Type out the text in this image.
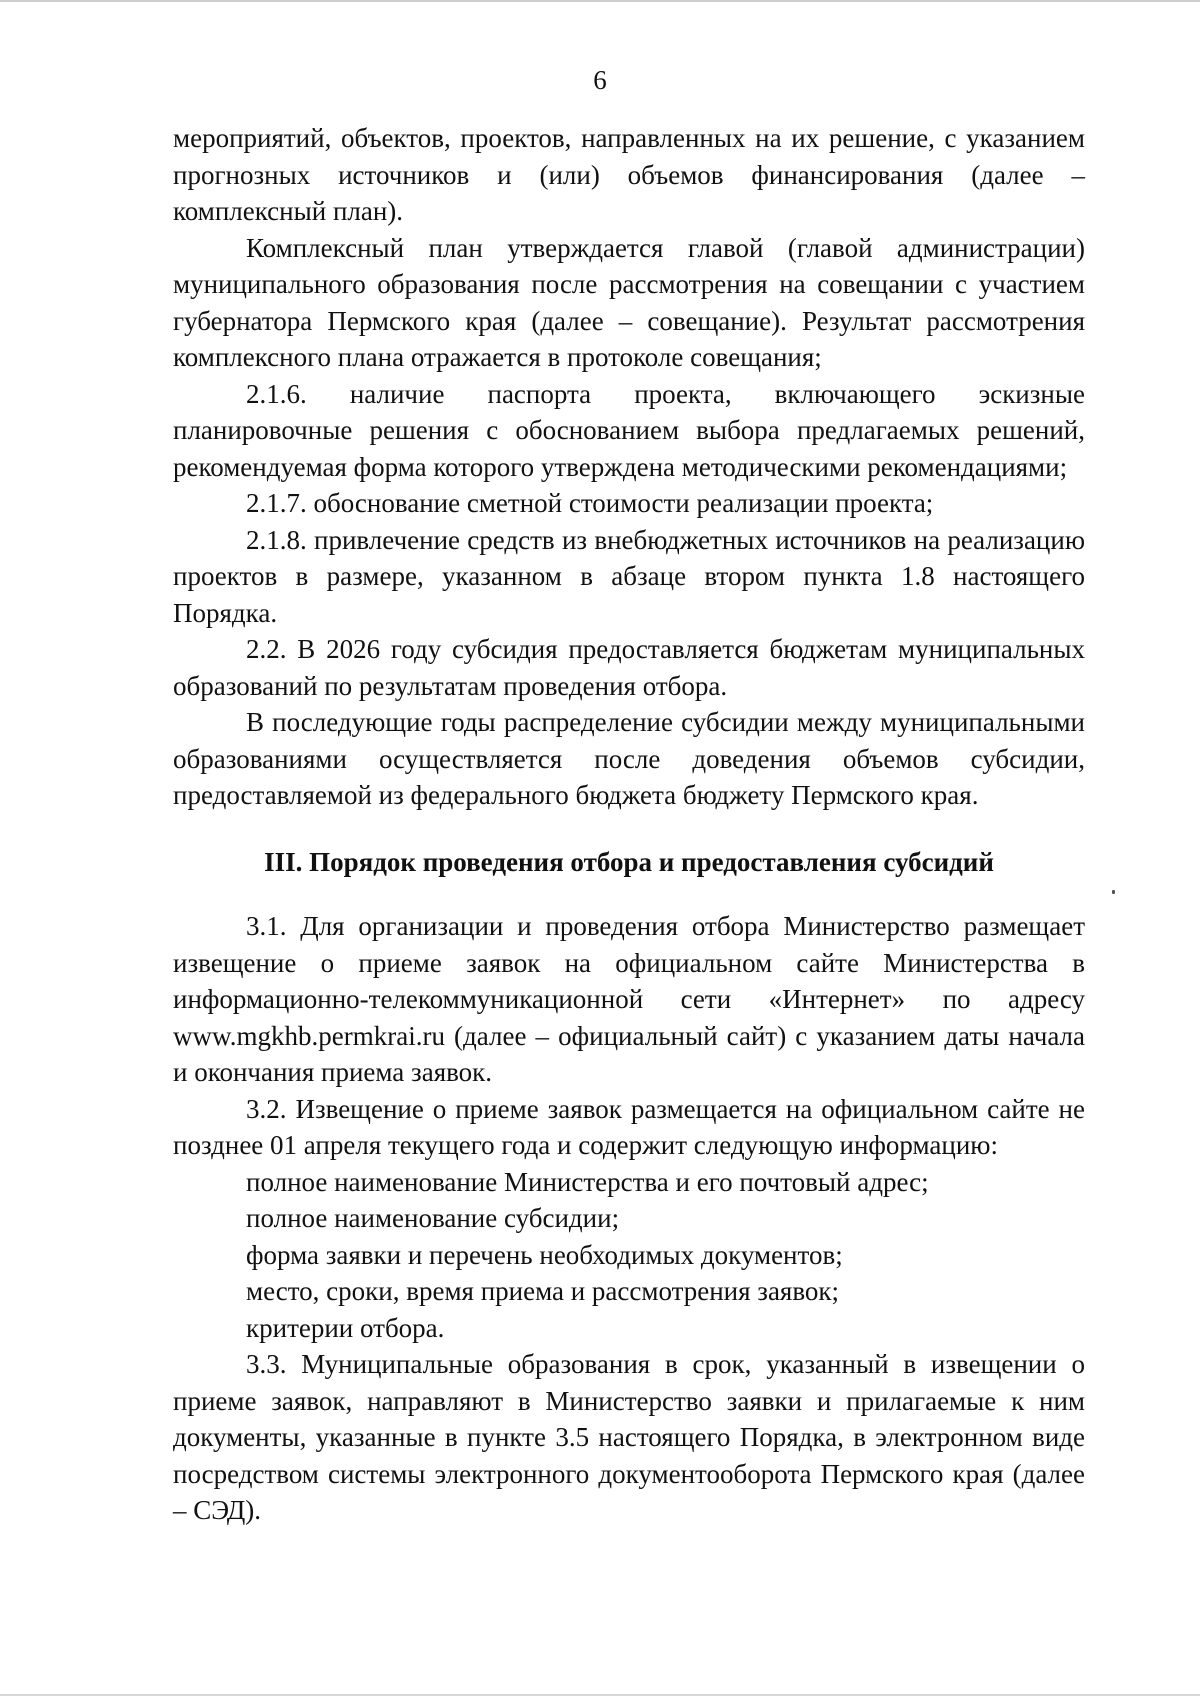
6

мероприятий, объектов, проектов, направленных на их решение, с указанием прогнозных источников и (или) объемов финансирования (далее – комплексный план).

Комплексный план утверждается главой (главой администрации) муниципального образования после рассмотрения на совещании с участием губернатора Пермского края (далее – совещание). Результат рассмотрения комплексного плана отражается в протоколе совещания;

2.1.6. наличие паспорта проекта, включающего эскизные планировочные решения с обоснованием выбора предлагаемых решений, рекомендуемая форма которого утверждена методическими рекомендациями;

2.1.7. обоснование сметной стоимости реализации проекта;

2.1.8. привлечение средств из внебюджетных источников на реализацию проектов в размере, указанном в абзаце втором пункта 1.8 настоящего Порядка.

2.2. В 2026 году субсидия предоставляется бюджетам муниципальных образований по результатам проведения отбора.

В последующие годы распределение субсидии между муниципальными образованиями осуществляется после доведения объемов субсидии, предоставляемой из федерального бюджета бюджету Пермского края.

III. Порядок проведения отбора и предоставления субсидий

3.1. Для организации и проведения отбора Министерство размещает извещение о приеме заявок на официальном сайте Министерства в информационно-телекоммуникационной сети «Интернет» по адресу www.mgkhb.permkrai.ru (далее – официальный сайт) с указанием даты начала и окончания приема заявок.

3.2. Извещение о приеме заявок размещается на официальном сайте не позднее 01 апреля текущего года и содержит следующую информацию:

полное наименование Министерства и его почтовый адрес;

полное наименование субсидии;

форма заявки и перечень необходимых документов;

место, сроки, время приема и рассмотрения заявок;

критерии отбора.

3.3. Муниципальные образования в срок, указанный в извещении о приеме заявок, направляют в Министерство заявки и прилагаемые к ним документы, указанные в пункте 3.5 настоящего Порядка, в электронном виде посредством системы электронного документооборота Пермского края (далее – СЭД).
